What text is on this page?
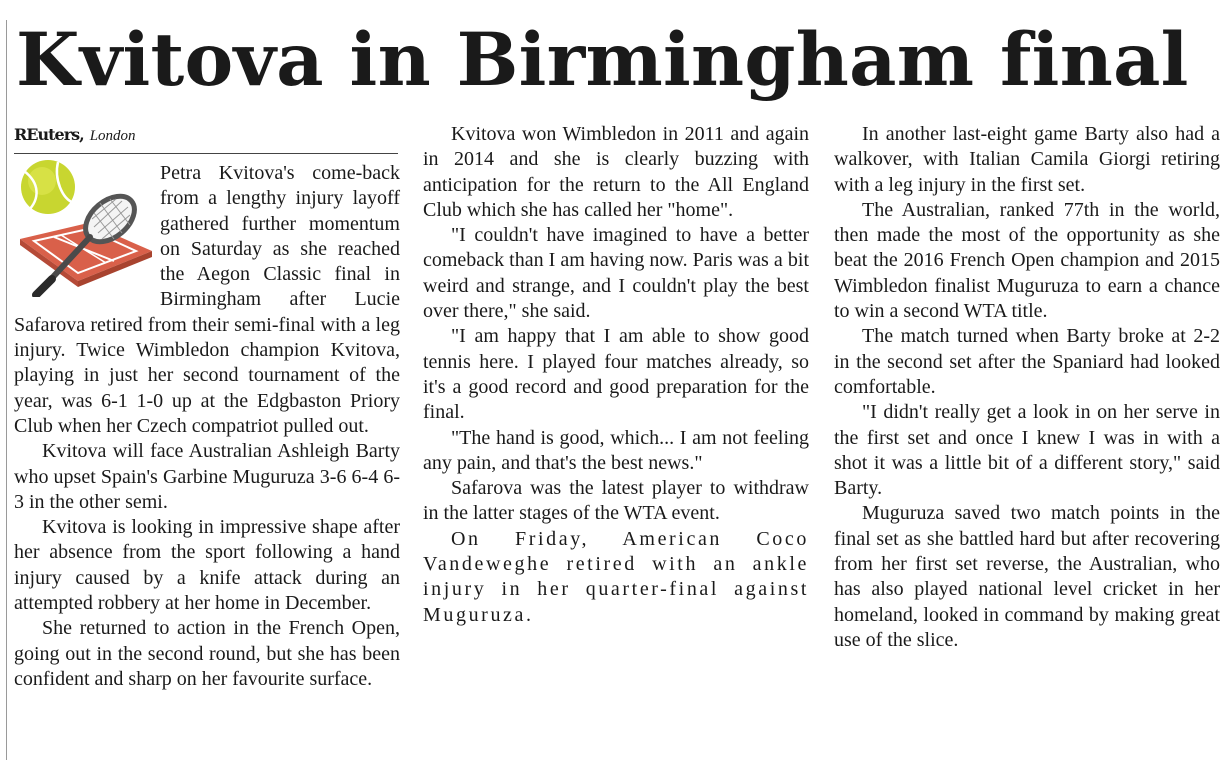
Kvitova in Birmingham final
REuters, London

Petra Kvitova's come-back from a lengthy injury layoff gathered further momentum on Saturday as she reached the Aegon Classic final in Birmingham after Lucie Safarova retired from their semi-final with a leg injury. Twice Wimbledon champion Kvitova, playing in just her second tournament of the year, was 6-1 1-0 up at the Edgbaston Priory Club when her Czech compatriot pulled out.

Kvitova will face Australian Ashleigh Barty who upset Spain's Garbine Muguruza 3-6 6-4 6-3 in the other semi.

Kvitova is looking in impressive shape after her absence from the sport following a hand injury caused by a knife attack during an attempted robbery at her home in December.

She returned to action in the French Open, going out in the second round, but she has been confident and sharp on her favourite surface.

Kvitova won Wimbledon in 2011 and again in 2014 and she is clearly buzzing with anticipation for the return to the All England Club which she has called her "home".

"I couldn't have imagined to have a better comeback than I am having now. Paris was a bit weird and strange, and I couldn't play the best over there," she said.

"I am happy that I am able to show good tennis here. I played four matches already, so it's a good record and good preparation for the final.

"The hand is good, which... I am not feeling any pain, and that's the best news."

Safarova was the latest player to withdraw in the latter stages of the WTA event.

On Friday, American Coco Vandeweghe retired with an ankle injury in her quarter-final against Muguruza.

In another last-eight game Barty also had a walkover, with Italian Camila Giorgi retiring with a leg injury in the first set.

The Australian, ranked 77th in the world, then made the most of the opportunity as she beat the 2016 French Open champion and 2015 Wimbledon finalist Muguruza to earn a chance to win a second WTA title.

The match turned when Barty broke at 2-2 in the second set after the Spaniard had looked comfortable.

"I didn't really get a look in on her serve in the first set and once I knew I was in with a shot it was a little bit of a different story," said Barty.

Muguruza saved two match points in the final set as she battled hard but after recovering from her first set reverse, the Australian, who has also played national level cricket in her homeland, looked in command by making great use of the slice.
